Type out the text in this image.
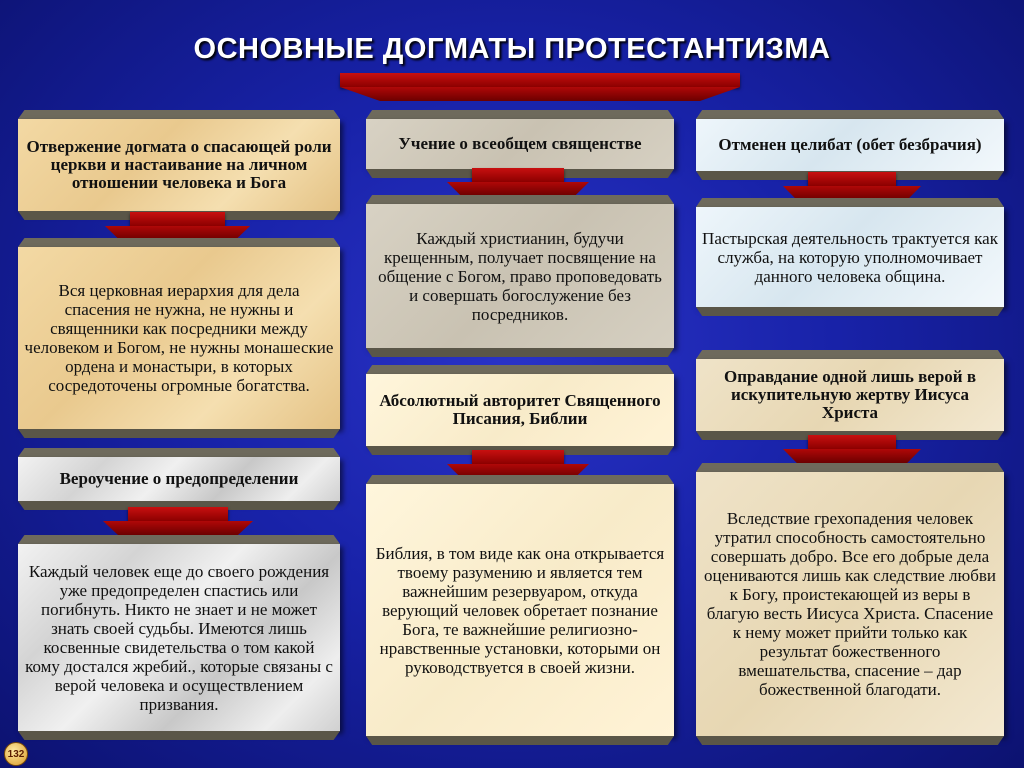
ОСНОВНЫЕ ДОГМАТЫ ПРОТЕСТАНТИЗМА
Отвержение догмата о спасающей роли церкви и настаивание на личном отношении человека и Бога
Вся церковная иерархия для дела спасения не нужна, не нужны и священники как посредники между человеком и Богом, не нужны монашеские ордена и монастыри, в которых сосредоточены огромные богатства.
Вероучение о предопределении
Каждый человек еще до своего рождения уже предопределен спастись или погибнуть. Никто не знает и не может знать своей судьбы. Имеются лишь косвенные свидетельства о том какой кому достался жребий., которые связаны с верой человека и осуществлением призвания.
Учение о всеобщем священстве
Каждый христианин, будучи крещенным, получает посвящение на общение с Богом, право проповедовать и совершать богослужение без посредников.
Абсолютный авторитет Священного Писания, Библии
Библия, в том виде как она открывается твоему разумению и является тем важнейшим резервуаром, откуда верующий человек обретает познание Бога, те важнейшие религиозно-нравственные установки, которыми он руководствуется в своей жизни.
Отменен целибат (обет безбрачия)
Пастырская деятельность трактуется как служба, на которую уполномочивает данного человека община.
Оправдание одной лишь верой в искупительную жертву Иисуса Христа
Вследствие грехопадения человек утратил способность самостоятельно совершать добро. Все его добрые дела оцениваются лишь как следствие любви к Богу, проистекающей из веры в благую весть Иисуса Христа. Спасение к нему может прийти только как результат божественного вмешательства, спасение – дар божественной благодати.
132
